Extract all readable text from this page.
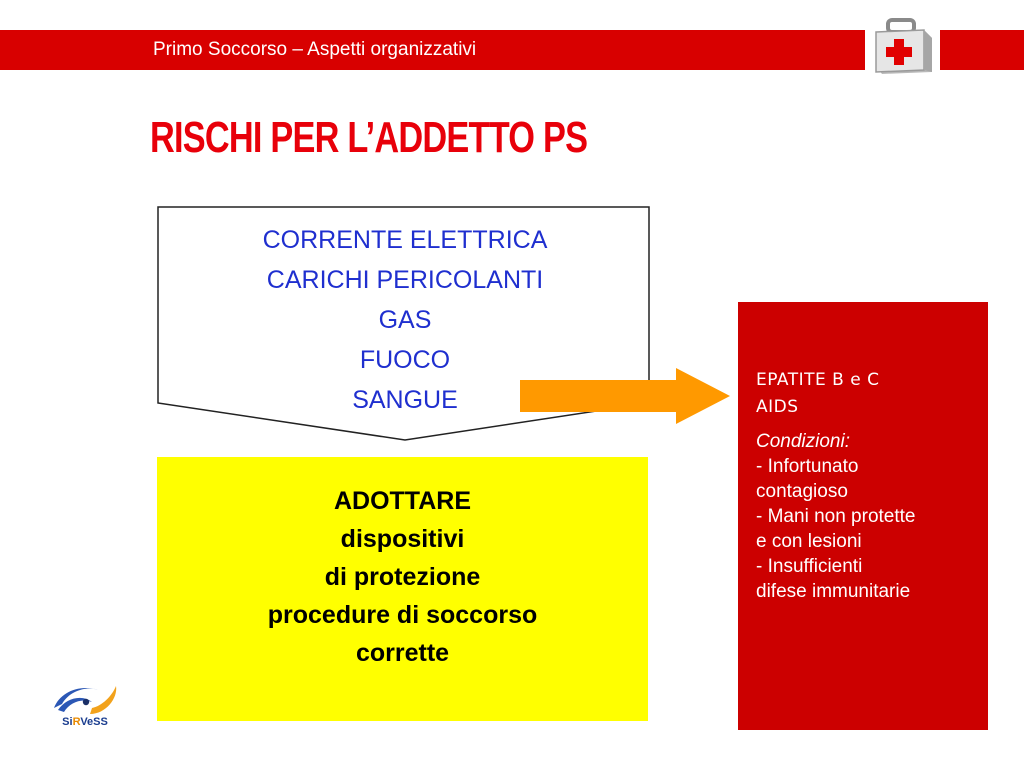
Primo Soccorso – Aspetti organizzativi
RISCHI PER L’ADDETTO PS
CORRENTE ELETTRICA
CARICHI PERICOLANTI
GAS
FUOCO
SANGUE
ADOTTARE
dispositivi
di protezione
procedure di soccorso
corrette
EPATITE B e C
AIDS
Condizioni:
- Infortunato
contagioso
- Mani non protette
e con lesioni
- Insufficienti
difese immunitarie
SiRVeSS
